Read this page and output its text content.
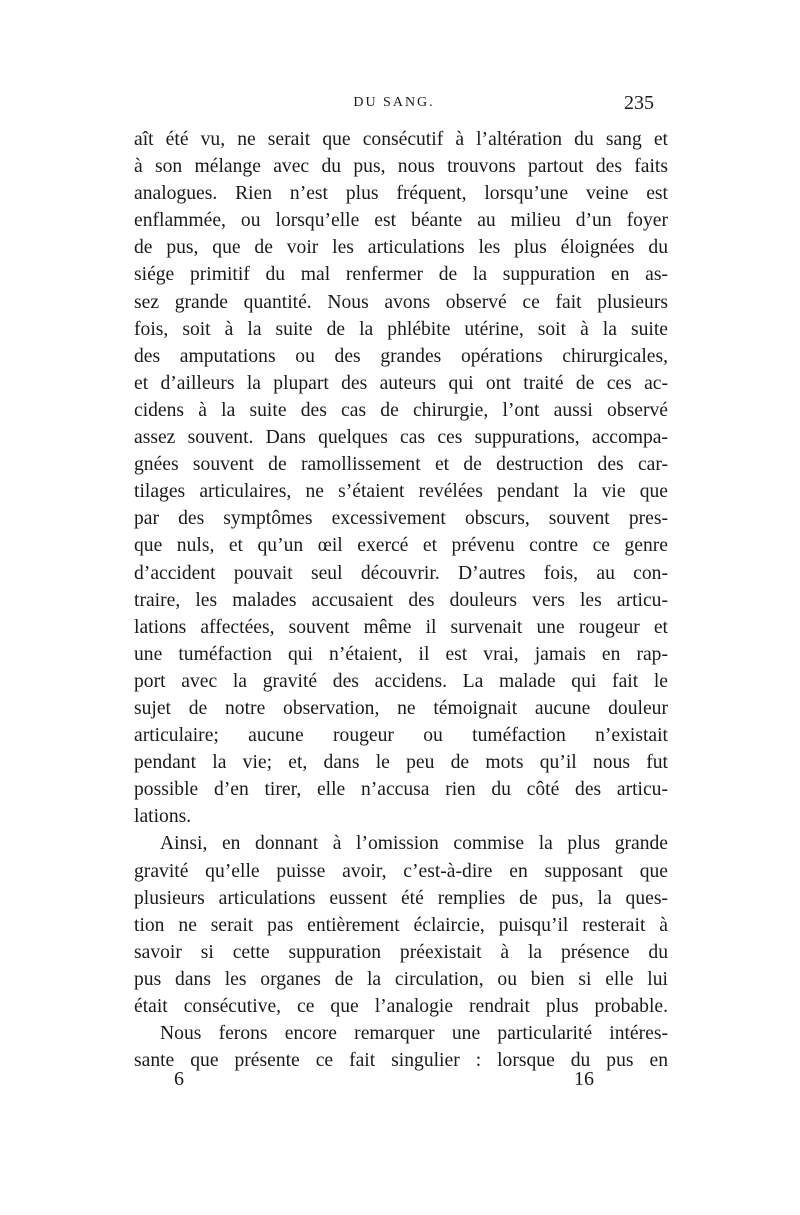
DU SANG.	235
aît été vu, ne serait que consécutif à l’altération du sang et
à son mélange avec du pus, nous trouvons partout des faits
analogues. Rien n’est plus fréquent, lorsqu’une veine est
enflammée, ou lorsqu’elle est béante au milieu d’un foyer
de pus, que de voir les articulations les plus éloignées du
siége primitif du mal renfermer de la suppuration en as-
sez grande quantité. Nous avons observé ce fait plusieurs
fois, soit à la suite de la phlébite utérine, soit à la suite
des amputations ou des grandes opérations chirurgicales,
et d’ailleurs la plupart des auteurs qui ont traité de ces ac-
cidens à la suite des cas de chirurgie, l’ont aussi observé
assez souvent. Dans quelques cas ces suppurations, accompa-
gnées souvent de ramollissement et de destruction des car-
tilages articulaires, ne s’étaient revélées pendant la vie que
par des symptômes excessivement obscurs, souvent pres-
que nuls, et qu’un œil exercé et prévenu contre ce genre
d’accident pouvait seul découvrir. D’autres fois, au con-
traire, les malades accusaient des douleurs vers les articu-
lations affectées, souvent même il survenait une rougeur et
une tuméfaction qui n’étaient, il est vrai, jamais en rap-
port avec la gravité des accidens. La malade qui fait le
sujet de notre observation, ne témoignait aucune douleur
articulaire; aucune rougeur ou tuméfaction n’existait
pendant la vie; et, dans le peu de mots qu’il nous fut
possible d’en tirer, elle n’accusa rien du côté des articu-
lations.
Ainsi, en donnant à l’omission commise la plus grande
gravité qu’elle puisse avoir, c’est-à-dire en supposant que
plusieurs articulations eussent été remplies de pus, la ques-
tion ne serait pas entièrement éclaircie, puisqu’il resterait à
savoir si cette suppuration préexistait à la présence du
pus dans les organes de la circulation, ou bien si elle lui
était consécutive, ce que l’analogie rendrait plus probable.
Nous ferons encore remarquer une particularité intéres-
sante que présente ce fait singulier : lorsque du pus en
6	16
